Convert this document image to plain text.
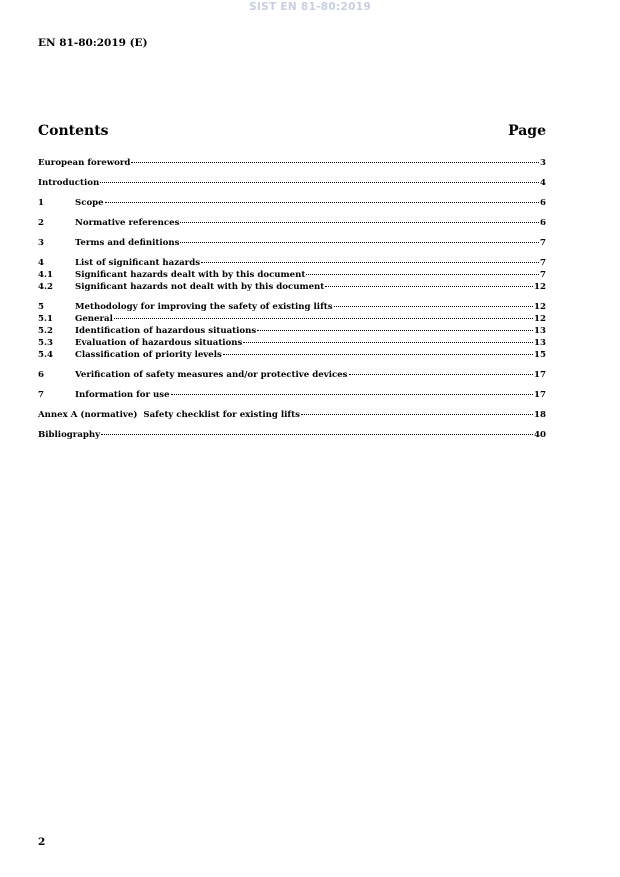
SIST EN 81-80:2019
EN 81-80:2019 (E)
Contents	Page
European foreword	3
Introduction	4
1	Scope	6
2	Normative references	6
3	Terms and definitions	7
4	List of significant hazards	7
4.1	Significant hazards dealt with by this document	7
4.2	Significant hazards not dealt with by this document	12
5	Methodology for improving the safety of existing lifts	12
5.1	General	12
5.2	Identification of hazardous situations	13
5.3	Evaluation of hazardous situations	13
5.4	Classification of priority levels	15
6	Verification of safety measures and/or protective devices	17
7	Information for use	17
Annex A (normative)  Safety checklist for existing lifts	18
Bibliography	40
2
